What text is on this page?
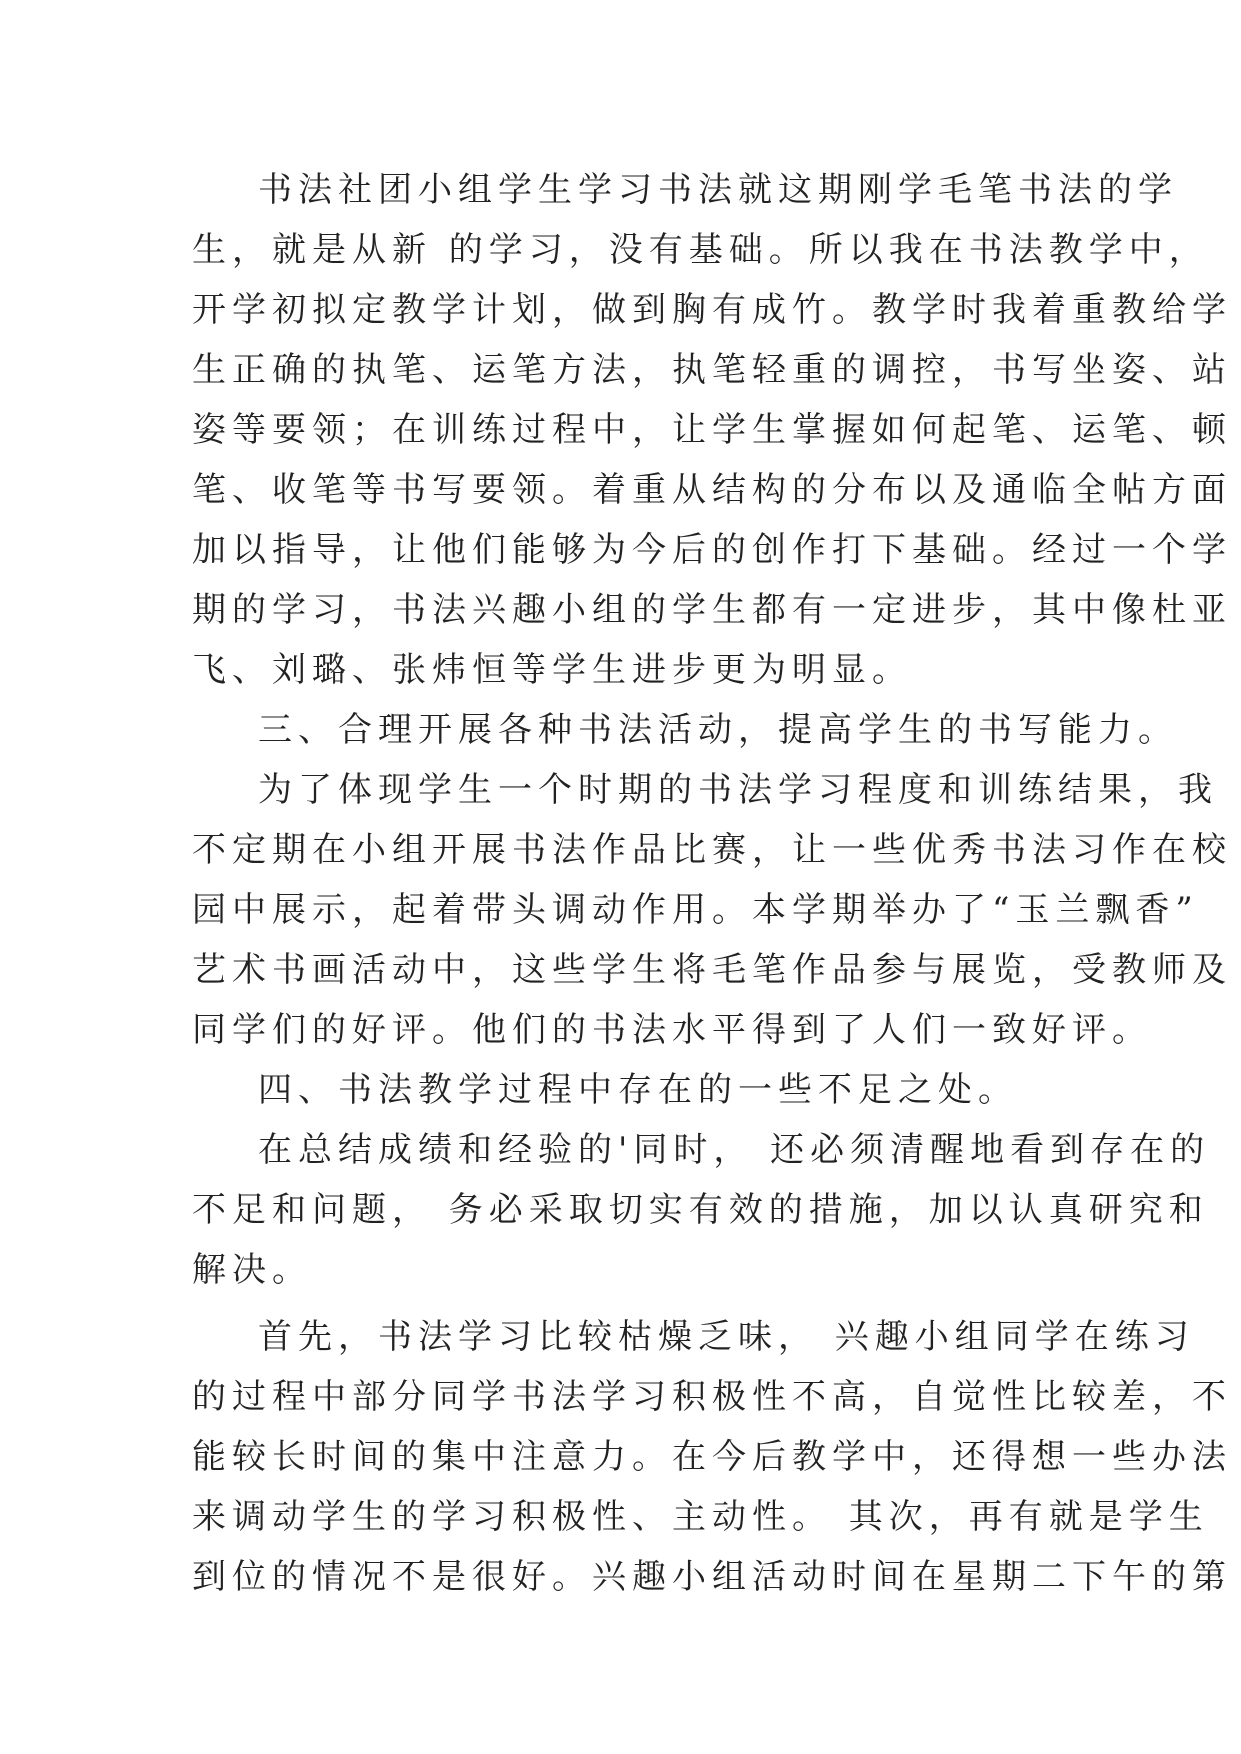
书法社团小组学生学习书法就这期刚学毛笔书法的学
生，就是从新 的学习，没有基础。所以我在书法教学中，
开学初拟定教学计划，做到胸有成竹。教学时我着重教给学
生正确的执笔、运笔方法，执笔轻重的调控，书写坐姿、站
姿等要领；在训练过程中，让学生掌握如何起笔、运笔、顿
笔、收笔等书写要领。着重从结构的分布以及通临全帖方面
加以指导，让他们能够为今后的创作打下基础。经过一个学
期的学习，书法兴趣小组的学生都有一定进步，其中像杜亚
飞、刘璐、张炜恒等学生进步更为明显。
三、合理开展各种书法活动，提高学生的书写能力。
为了体现学生一个时期的书法学习程度和训练结果，我
不定期在小组开展书法作品比赛，让一些优秀书法习作在校
园中展示，起着带头调动作用。本学期举办了“玉兰飘香”
艺术书画活动中，这些学生将毛笔作品参与展览，受教师及
同学们的好评。他们的书法水平得到了人们一致好评。
四、书法教学过程中存在的一些不足之处。
在总结成绩和经验的'同时， 还必须清醒地看到存在的
不足和问题， 务必采取切实有效的措施，加以认真研究和
解决。
首先，书法学习比较枯燥乏味， 兴趣小组同学在练习
的过程中部分同学书法学习积极性不高，自觉性比较差，不
能较长时间的集中注意力。在今后教学中，还得想一些办法
来调动学生的学习积极性、主动性。 其次，再有就是学生
到位的情况不是很好。兴趣小组活动时间在星期二下午的第
